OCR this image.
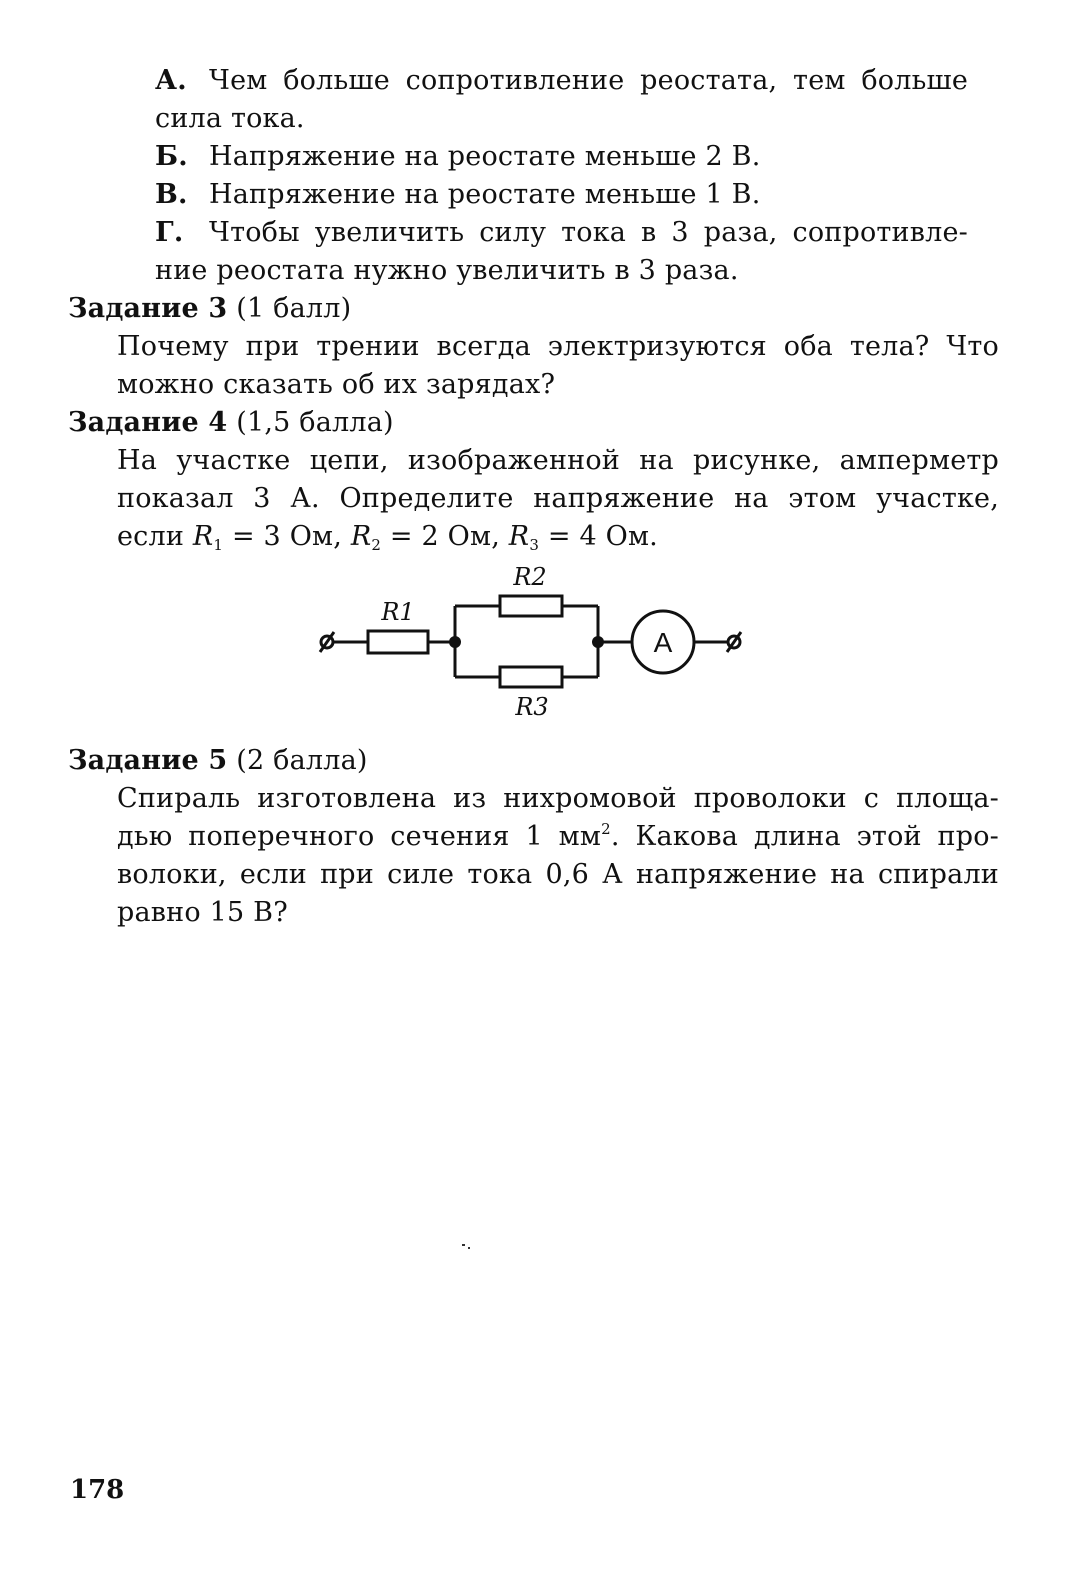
А. Чем больше сопротивление реостата, тем больше

сила тока.

Б. Напряжение на реостате меньше 2 В.

В. Напряжение на реостате меньше 1 В.

Г. Чтобы увеличить силу тока в 3 раза, сопротивле-

ние реостата нужно увеличить в 3 раза.

Задание 3 (1 балл)

Почему при трении всегда электризуются оба тела? Что

можно сказать об их зарядах?

Задание 4 (1,5 балла)

На участке цепи, изображенной на рисунке, амперметр

показал 3 А. Определите напряжение на этом участке,

если $R_1 = 3$ Ом, $R_2 = 2$ Ом, $R_3 = 4$ Ом.

A
R1
R2
R3

Задание 5 (2 балла)

Спираль изготовлена из нихромовой проволоки с площа-

дью поперечного сечения 1 $мм^2$. Какова длина этой про-

волоки, если при силе тока 0,6 А напряжение на спирали

равно 15 В?

178
